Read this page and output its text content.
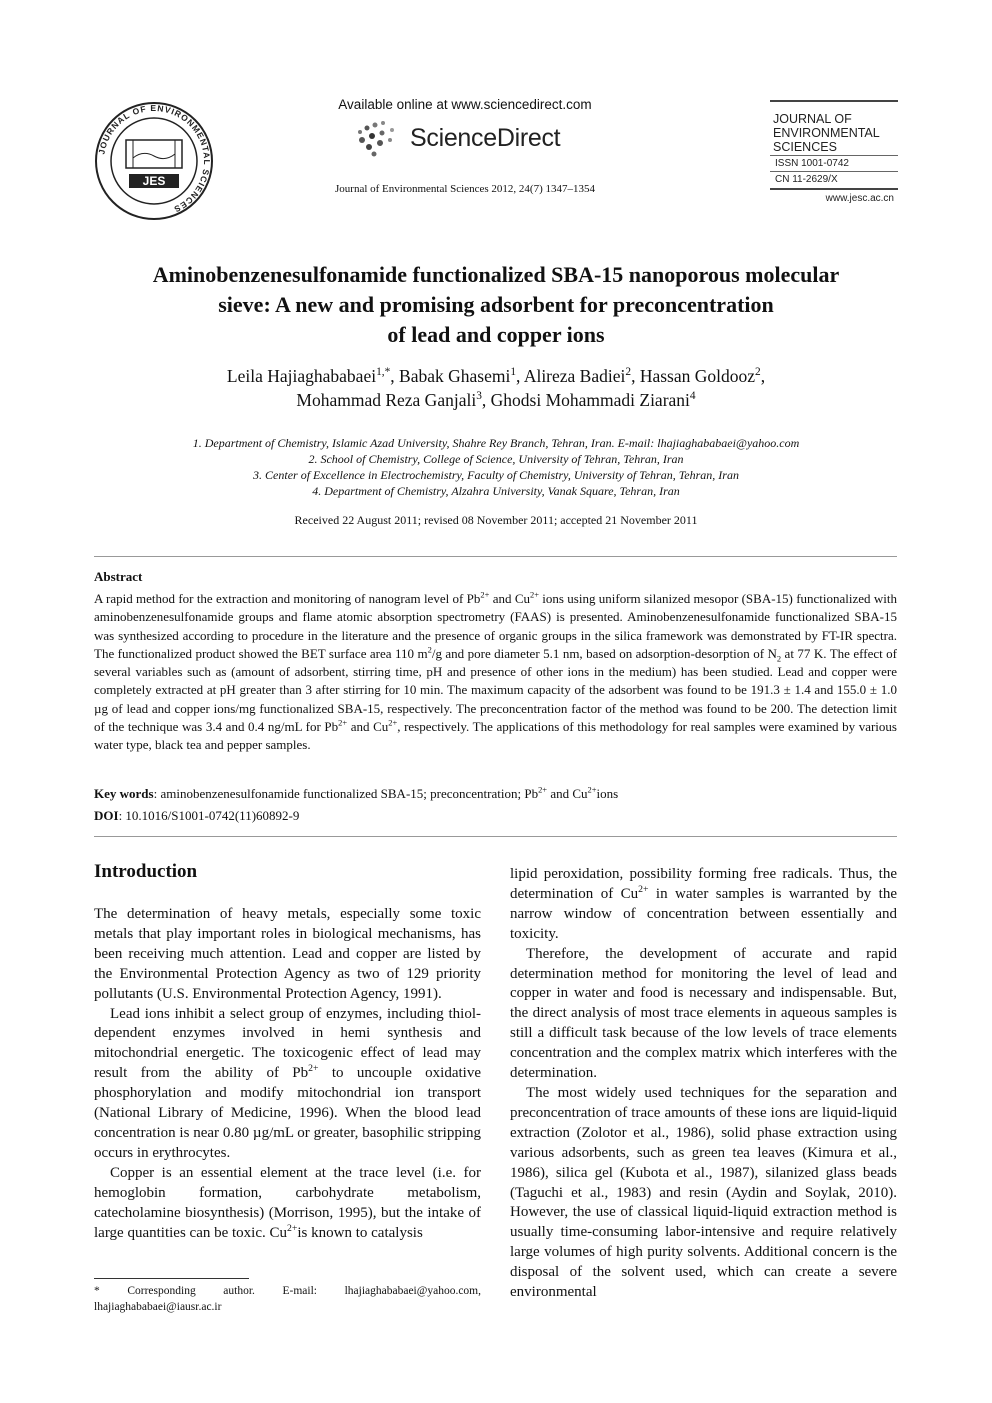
JOURNAL OF ENVIRONMENTAL SCIENCES
JES
Available online at www.sciencedirect.com
ScienceDirect
Journal of Environmental Sciences 2012, 24(7) 1347–1354
JOURNAL OF
ENVIRONMENTAL
SCIENCES
ISSN 1001-0742
CN 11-2629/X
www.jesc.ac.cn
Aminobenzenesulfonamide functionalized SBA-15 nanoporous molecular
sieve: A new and promising adsorbent for preconcentration
of lead and copper ions
Leila Hajiaghababaei$^{1,*}$, Babak Ghasemi$^1$, Alireza Badiei$^2$, Hassan Goldooz$^2$,
Mohammad Reza Ganjali$^3$, Ghodsi Mohammadi Ziarani$^4$
1. Department of Chemistry, Islamic Azad University, Shahre Rey Branch, Tehran, Iran. E-mail: lhajiaghababaei@yahoo.com
2. School of Chemistry, College of Science, University of Tehran, Tehran, Iran
3. Center of Excellence in Electrochemistry, Faculty of Chemistry, University of Tehran, Tehran, Iran
4. Department of Chemistry, Alzahra University, Vanak Square, Tehran, Iran
Received 22 August 2011; revised 08 November 2011; accepted 21 November 2011
Abstract
A rapid method for the extraction and monitoring of nanogram level of $Pb^{2+}$ and $Cu^{2+}$ ions using uniform silanized mesopor (SBA-15) functionalized with aminobenzenesulfonamide groups and flame atomic absorption spectrometry (FAAS) is presented. Aminobenzenesulfonamide functionalized SBA-15 was synthesized according to procedure in the literature and the presence of organic groups in the silica framework was demonstrated by FT-IR spectra. The functionalized product showed the BET surface area 110 $m^2/g$ and pore diameter 5.1 nm, based on adsorption-desorption of $N_2$ at 77 K. The effect of several variables such as (amount of adsorbent, stirring time, pH and presence of other ions in the medium) has been studied. Lead and copper were completely extracted at pH greater than 3 after stirring for 10 min. The maximum capacity of the adsorbent was found to be 191.3 ± 1.4 and 155.0 ± 1.0 µg of lead and copper ions/mg functionalized SBA-15, respectively. The preconcentration factor of the method was found to be 200. The detection limit of the technique was 3.4 and 0.4 ng/mL for $Pb^{2+}$ and $Cu^{2+}$, respectively. The applications of this methodology for real samples were examined by various water type, black tea and pepper samples.
Key words: aminobenzenesulfonamide functionalized SBA-15; preconcentration; $Pb^{2+}$ and $Cu^{2+}ions$
DOI: 10.1016/S1001-0742(11)60892-9
Introduction

The determination of heavy metals, especially some toxic metals that play important roles in biological mechanisms, has been receiving much attention. Lead and copper are listed by the Environmental Protection Agency as two of 129 priority pollutants (U.S. Environmental Protection Agency, 1991).

Lead ions inhibit a select group of enzymes, including thiol-dependent enzymes involved in hemi synthesis and mitochondrial energetic. The toxicogenic effect of lead may result from the ability of $Pb^{2+}$ to uncouple oxidative phosphorylation and modify mitochondrial ion transport (National Library of Medicine, 1996). When the blood lead concentration is near 0.80 µg/mL or greater, basophilic stripping occurs in erythrocytes.

Copper is an essential element at the trace level (i.e. for hemoglobin formation, carbohydrate metabolism, catecholamine biosynthesis) (Morrison, 1995), but the intake of large quantities can be toxic. $Cu^{2+}is$ known to catalysis

lipid peroxidation, possibility forming free radicals. Thus, the determination of $Cu^{2+}$ in water samples is warranted by the narrow window of concentration between essentially and toxicity.

Therefore, the development of accurate and rapid determination method for monitoring the level of lead and copper in water and food is necessary and indispensable. But, the direct analysis of most trace elements in aqueous samples is still a difficult task because of the low levels of trace elements concentration and the complex matrix which interferes with the determination.

The most widely used techniques for the separation and preconcentration of trace amounts of these ions are liquid-liquid extraction (Zolotor et al., 1986), solid phase extraction using various adsorbents, such as green tea leaves (Kimura et al., 1986), silica gel (Kubota et al., 1987), silanized glass beads (Taguchi et al., 1983) and resin (Aydin and Soylak, 2010). However, the use of classical liquid-liquid extraction method is usually time-consuming labor-intensive and require relatively large volumes of high purity solvents. Additional concern is the disposal of the solvent used, which can create a severe environmental

* Corresponding author. E-mail: lhajiaghababaei@yahoo.com, lhajiaghababaei@iausr.ac.ir
